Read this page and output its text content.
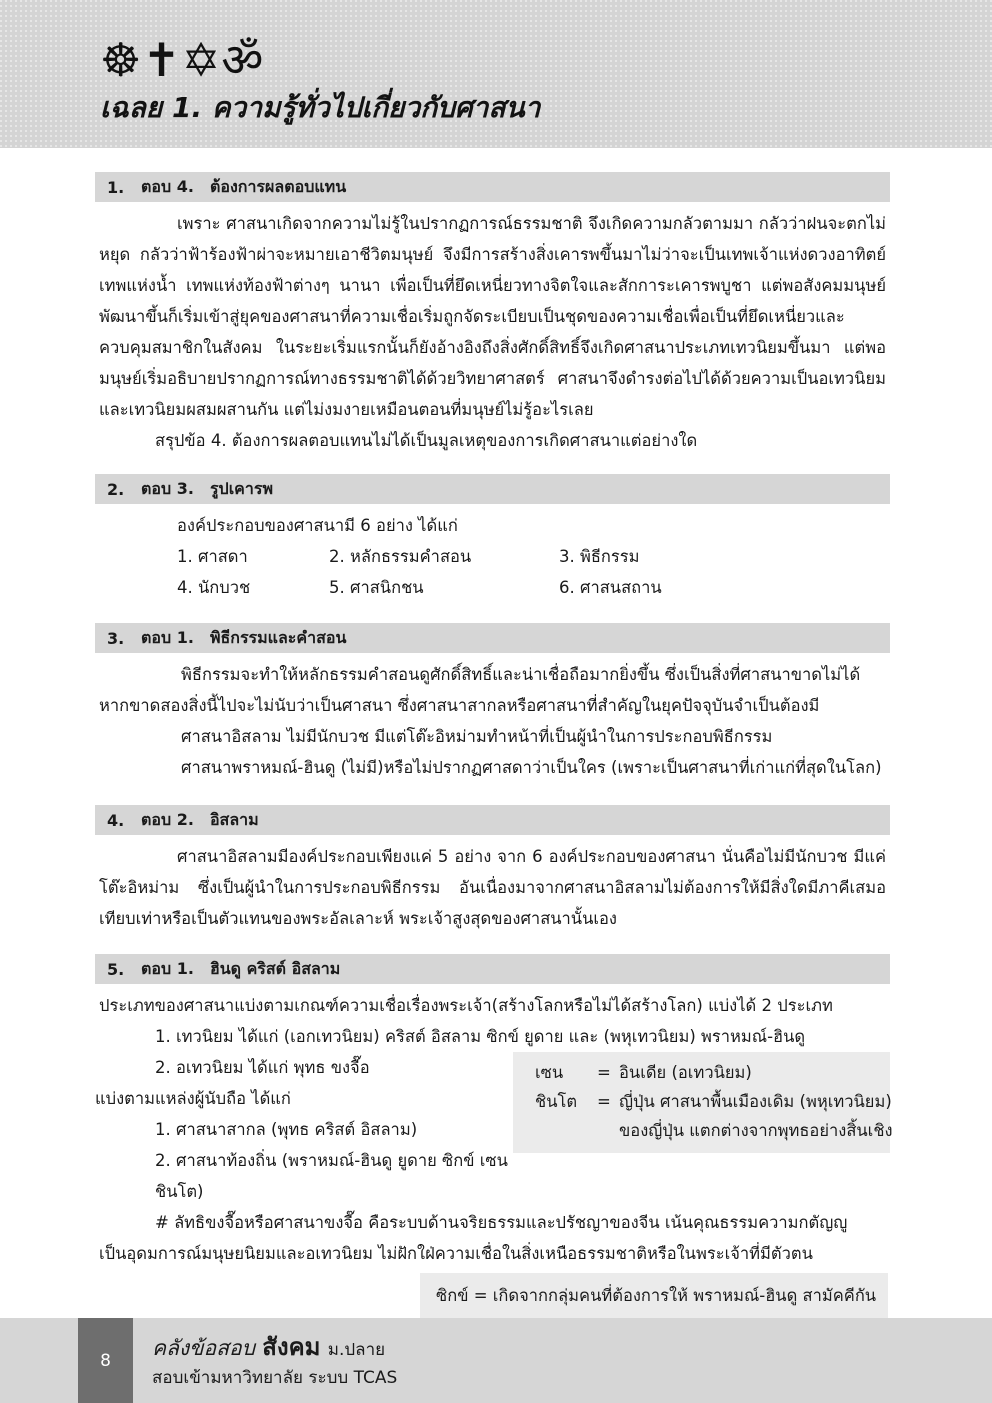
☸✝✡ॐ
เฉลย 1. ความรู้ทั่วไปเกี่ยวกับศาสนา
1.	ตอบ 4. ต้องการผลตอบแทน

เพราะ ศาสนาเกิดจากความไม่รู้ในปรากฏการณ์ธรรมชาติ จึงเกิดความกลัวตามมา กลัวว่าฝนจะตกไม่หยุด กลัวว่าฟ้าร้องฟ้าผ่าจะหมายเอาชีวิตมนุษย์ จึงมีการสร้างสิ่งเคารพขึ้นมาไม่ว่าจะเป็นเทพเจ้าแห่งดวงอาทิตย์ เทพแห่งน้ำ เทพแห่งท้องฟ้าต่างๆ นานา เพื่อเป็นที่ยึดเหนี่ยวทางจิตใจและสักการะเคารพบูชา แต่พอสังคมมนุษย์พัฒนาขึ้นก็เริ่มเข้าสู่ยุคของศาสนาที่ความเชื่อเริ่มถูกจัดระเบียบเป็นชุดของความเชื่อเพื่อเป็นที่ยึดเหนี่ยวและควบคุมสมาชิกในสังคม ในระยะเริ่มแรกนั้นก็ยังอ้างอิงถึงสิ่งศักดิ์สิทธิ์จึงเกิดศาสนาประเภทเทวนิยมขึ้นมา แต่พอมนุษย์เริ่มอธิบายปรากฏการณ์ทางธรรมชาติได้ด้วยวิทยาศาสตร์ ศาสนาจึงดำรงต่อไปได้ด้วยความเป็นอเทวนิยมและเทวนิยมผสมผสานกัน แต่ไม่งมงายเหมือนตอนที่มนุษย์ไม่รู้อะไรเลย

สรุปข้อ 4. ต้องการผลตอบแทนไม่ได้เป็นมูลเหตุของการเกิดศาสนาแต่อย่างใด

2.	ตอบ 3. รูปเคารพ
องค์ประกอบของศาสนามี 6 อย่าง ได้แก่
1. ศาสดา	2. หลักธรรมคำสอน	3. พิธีกรรม
4. นักบวช	5. ศาสนิกชน	6. ศาสนสถาน
3.	ตอบ 1. พิธีกรรมและคำสอน

พิธีกรรมจะทำให้หลักธรรมคำสอนดูศักดิ์สิทธิ์และน่าเชื่อถือมากยิ่งขึ้น ซึ่งเป็นสิ่งที่ศาสนาขาดไม่ได้

หากขาดสองสิ่งนี้ไปจะไม่นับว่าเป็นศาสนา ซึ่งศาสนาสากลหรือศาสนาที่สำคัญในยุคปัจจุบันจำเป็นต้องมี

ศาสนาอิสลาม ไม่มีนักบวช มีแต่โต๊ะอิหม่ามทำหน้าที่เป็นผู้นำในการประกอบพิธีกรรม

ศาสนาพราหมณ์-ฮินดู (ไม่มี)หรือไม่ปรากฏศาสดาว่าเป็นใคร (เพราะเป็นศาสนาที่เก่าแก่ที่สุดในโลก)

4.	ตอบ 2. อิสลาม

ศาสนาอิสลามมีองค์ประกอบเพียงแค่ 5 อย่าง จาก 6 องค์ประกอบของศาสนา นั่นคือไม่มีนักบวช มีแค่โต๊ะอิหม่าม ซึ่งเป็นผู้นำในการประกอบพิธีกรรม อันเนื่องมาจากศาสนาอิสลามไม่ต้องการให้มีสิ่งใดมีภาคีเสมอเทียบเท่าหรือเป็นตัวแทนของพระอัลเลาะห์ พระเจ้าสูงสุดของศาสนานั้นเอง

5.	ตอบ 1. ฮินดู คริสต์ อิสลาม
ประเภทของศาสนาแบ่งตามเกณฑ์ความเชื่อเรื่องพระเจ้า(สร้างโลกหรือไม่ได้สร้างโลก) แบ่งได้ 2 ประเภท
1. เทวนิยม ได้แก่ (เอกเทวนิยม) คริสต์ อิสลาม ซิกข์ ยูดาย และ (พหุเทวนิยม) พราหมณ์-ฮินดู
2. อเทวนิยม ได้แก่ พุทธ ขงจื๊อ
แบ่งตามแหล่งผู้นับถือ ได้แก่
1. ศาสนาสากล (พุทธ คริสต์ อิสลาม)
2. ศาสนาท้องถิ่น (พราหมณ์-ฮินดู ยูดาย ซิกข์ เซน ชินโต)
เซน	= อินเดีย (อเทวนิยม)
ชินโต	= ญี่ปุ่น ศาสนาพื้นเมืองเดิม (พหุเทวนิยม)
ของญี่ปุ่น แตกต่างจากพุทธอย่างสิ้นเชิง
# ลัทธิขงจื๊อหรือศาสนาขงจื๊อ คือระบบด้านจริยธรรมและปรัชญาของจีน เน้นคุณธรรมความกตัญญู
เป็นอุดมการณ์มนุษยนิยมและอเทวนิยม ไม่ฝักใฝ่ความเชื่อในสิ่งเหนือธรรมชาติหรือในพระเจ้าที่มีตัวตน
ซิกข์ = เกิดจากกลุ่มคนที่ต้องการให้ พราหมณ์-ฮินดู สามัคคีกัน
8
คลังข้อสอบ สังคม ม.ปลาย
สอบเข้ามหาวิทยาลัย ระบบ TCAS
